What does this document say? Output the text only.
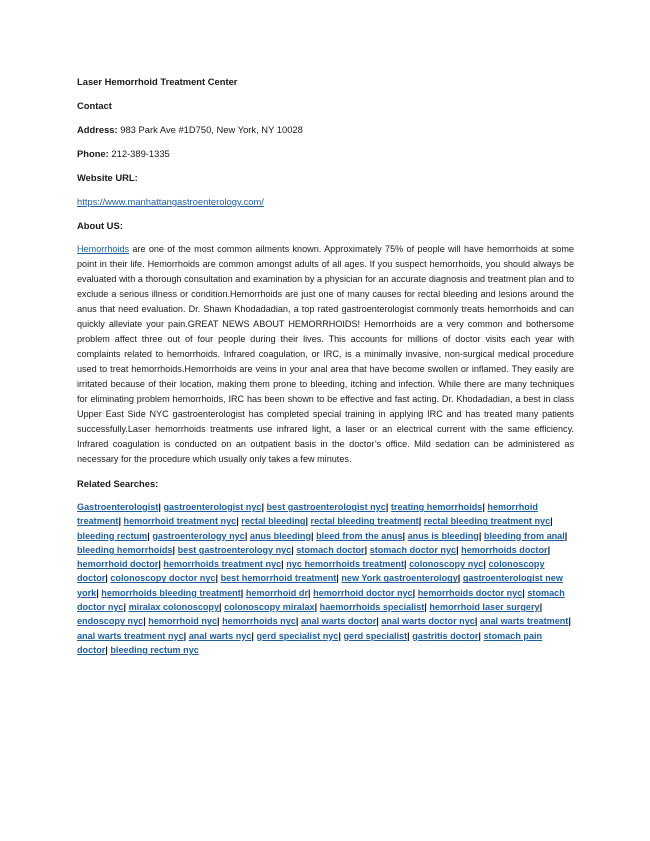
Laser Hemorrhoid Treatment Center
Contact
Address: 983 Park Ave #1D750, New York, NY 10028
Phone: 212-389-1335
Website URL:
https://www.manhattangastroenterology.com/
About US:
Hemorrhoids are one of the most common ailments known. Approximately 75% of people will have hemorrhoids at some point in their life. Hemorrhoids are common amongst adults of all ages. If you suspect hemorrhoids, you should always be evaluated with a thorough consultation and examination by a physician for an accurate diagnosis and treatment plan and to exclude a serious illness or condition.Hemorrhoids are just one of many causes for rectal bleeding and lesions around the anus that need evaluation. Dr. Shawn Khodadadian, a top rated gastroenterologist commonly treats hemorrhoids and can quickly alleviate your pain.GREAT NEWS ABOUT HEMORRHOIDS! Hemorrhoids are a very common and bothersome problem affect three out of four people during their lives. This accounts for millions of doctor visits each year with complaints related to hemorrhoids. Infrared coagulation, or IRC, is a minimally invasive, non-surgical medical procedure used to treat hemorrhoids.Hemorrhoids are veins in your anal area that have become swollen or inflamed. They easily are irritated because of their location, making them prone to bleeding, itching and infection. While there are many techniques for eliminating problem hemorrhoids, IRC has been shown to be effective and fast acting. Dr. Khodadadian, a best in class Upper East Side NYC gastroenterologist has completed special training in applying IRC and has treated many patients successfully.Laser hemorrhoids treatments use infrared light, a laser or an electrical current with the same efficiency. Infrared coagulation is conducted on an outpatient basis in the doctor’s office. Mild sedation can be administered as necessary for the procedure which usually only takes a few minutes.
Related Searches:
Gastroenterologist| gastroenterologist nyc| best gastroenterologist nyc| treating hemorrhoids| hemorrhoid treatment| hemorrhoid treatment nyc| rectal bleeding| rectal bleeding treatment| rectal bleeding treatment nyc| bleeding rectum| gastroenterology nyc| anus bleeding| bleed from the anus| anus is bleeding| bleeding from anal| bleeding hemorrhoids| best gastroenterology nyc| stomach doctor| stomach doctor nyc| hemorrhoids doctor| hemorrhoid doctor| hemorrhoids treatment nyc| nyc hemorrhoids treatment| colonoscopy nyc| colonoscopy doctor| colonoscopy doctor nyc| best hemorrhoid treatment| new York gastroenterology| gastroenterologist new york| hemorrhoids bleeding treatment| hemorrhoid dr| hemorrhoid doctor nyc| hemorrhoids doctor nyc| stomach doctor nyc| miralax colonoscopy| colonoscopy miralax| haemorrhoids specialist| hemorrhoid laser surgery| endoscopy nyc| hemorrhoid nyc| hemorrhoids nyc| anal warts doctor| anal warts doctor nyc| anal warts treatment| anal warts treatment nyc| anal warts nyc| gerd specialist nyc| gerd specialist| gastritis doctor| stomach pain doctor| bleeding rectum nyc
